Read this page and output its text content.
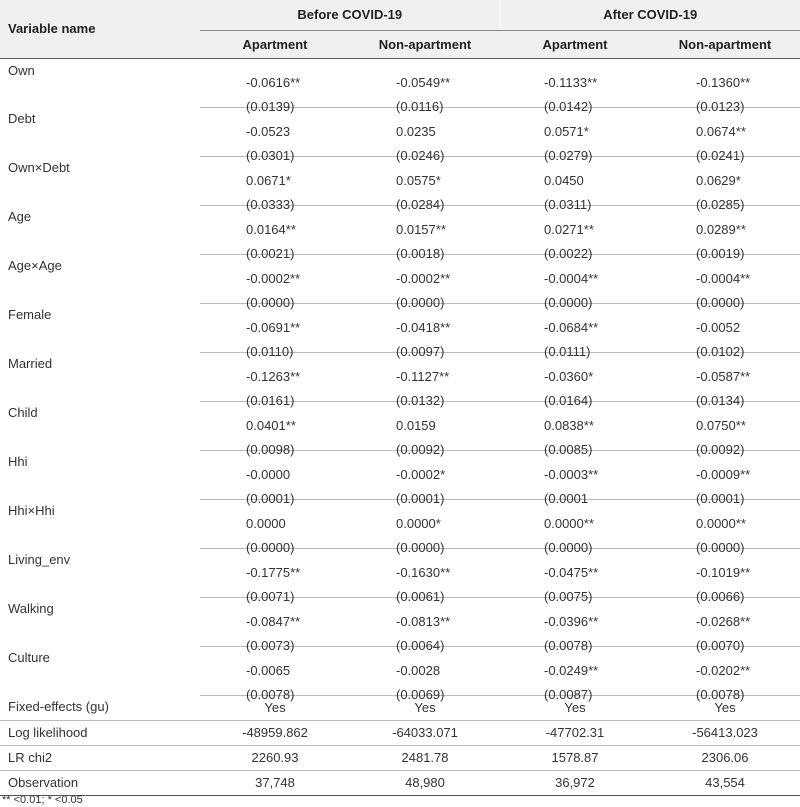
Variable name	Before COVID-19		After COVID-19	
	Apartment	Non-apartment	Apartment	Non-apartment
Own	-0.0616**	-0.0549**	-0.1133**	-0.1360**

	(0.0139)	(0.0116)	(0.0142)	(0.0123)

Debt	-0.0523	0.0235	0.0571*	0.0674**

	(0.0301)	(0.0246)	(0.0279)	(0.0241)

Own×Debt	0.0671*	0.0575*	0.0450	0.0629*

	(0.0333)	(0.0284)	(0.0311)	(0.0285)

Age	0.0164**	0.0157**	0.0271**	0.0289**

	(0.0021)	(0.0018)	(0.0022)	(0.0019)

Age×Age	-0.0002**	-0.0002**	-0.0004**	-0.0004**

	(0.0000)	(0.0000)	(0.0000)	(0.0000)

Female	-0.0691**	-0.0418**	-0.0684**	-0.0052

	(0.0110)	(0.0097)	(0.0111)	(0.0102)

Married	-0.1263**	-0.1127**	-0.0360*	-0.0587**

	(0.0161)	(0.0132)	(0.0164)	(0.0134)

Child	0.0401**	0.0159	0.0838**	0.0750**

	(0.0098)	(0.0092)	(0.0085)	(0.0092)

Hhi	-0.0000	-0.0002*	-0.0003**	-0.0009**

	(0.0001)	(0.0001)	(0.0001	(0.0001)

Hhi×Hhi	0.0000	0.0000*	0.0000**	0.0000**

	(0.0000)	(0.0000)	(0.0000)	(0.0000)

Living_env	-0.1775**	-0.1630**	-0.0475**	-0.1019**

	(0.0071)	(0.0061)	(0.0075)	(0.0066)

Walking	-0.0847**	-0.0813**	-0.0396**	-0.0268**

	(0.0073)	(0.0064)	(0.0078)	(0.0070)

Culture	-0.0065	-0.0028	-0.0249**	-0.0202**

	(0.0078)	(0.0069)	(0.0087)	(0.0078)

Fixed-effects (gu)	Yes	Yes	Yes	Yes
Log likelihood	-48959.862	-64033.071	-47702.31	-56413.023
LR chi2	2260.93	2481.78	1578.87	2306.06
Observation	37,748	48,980	36,972	43,554
** <0.01; * <0.05
